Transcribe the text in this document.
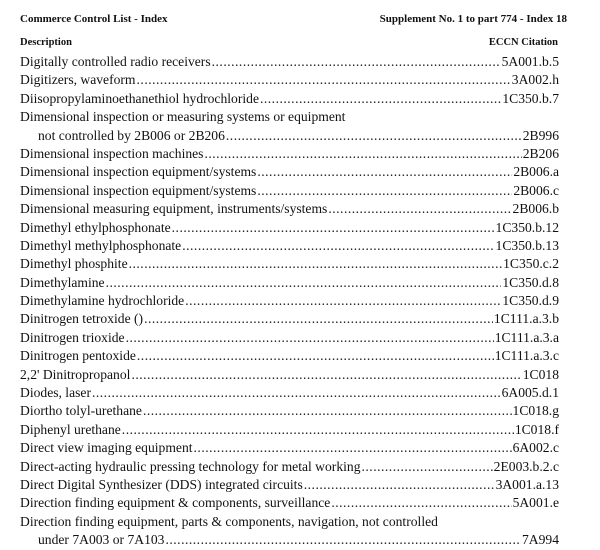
Commerce Control List - Index	Supplement No. 1 to part 774 - Index 18
Description	ECCN Citation
Digitally controlled radio receivers .....	5A001.b.5
Digitizers, waveform .....	3A002.h
Diisopropylaminoethanethiol hydrochloride .....	1C350.b.7
Dimensional inspection or measuring systems or equipment
not controlled by 2B006 or 2B206 .....	2B996
Dimensional inspection machines .....	2B206
Dimensional inspection equipment/systems .....	2B006.a
Dimensional inspection equipment/systems .....	2B006.c
Dimensional measuring equipment, instruments/systems .....	2B006.b
Dimethyl ethylphosphonate .....	1C350.b.12
Dimethyl methylphosphonate .....	1C350.b.13
Dimethyl phosphite .....	1C350.c.2
Dimethylamine .....	1C350.d.8
Dimethylamine hydrochloride .....	1C350.d.9
Dinitrogen tetroxide () .....	1C111.a.3.b
Dinitrogen trioxide .....	1C111.a.3.a
Dinitrogen pentoxide .....	1C111.a.3.c
2,2' Dinitropropanol .....	1C018
Diodes, laser .....	6A005.d.1
Diortho tolyl-urethane .....	1C018.g
Diphenyl urethane .....	1C018.f
Direct view imaging equipment .....	6A002.c
Direct-acting hydraulic pressing technology for metal working .....	2E003.b.2.c
Direct Digital Synthesizer (DDS) integrated circuits .....	3A001.a.13
Direction finding equipment & components, surveillance .....	5A001.e
Direction finding equipment, parts & components, navigation, not controlled
under 7A003 or 7A103 .....	7A994
